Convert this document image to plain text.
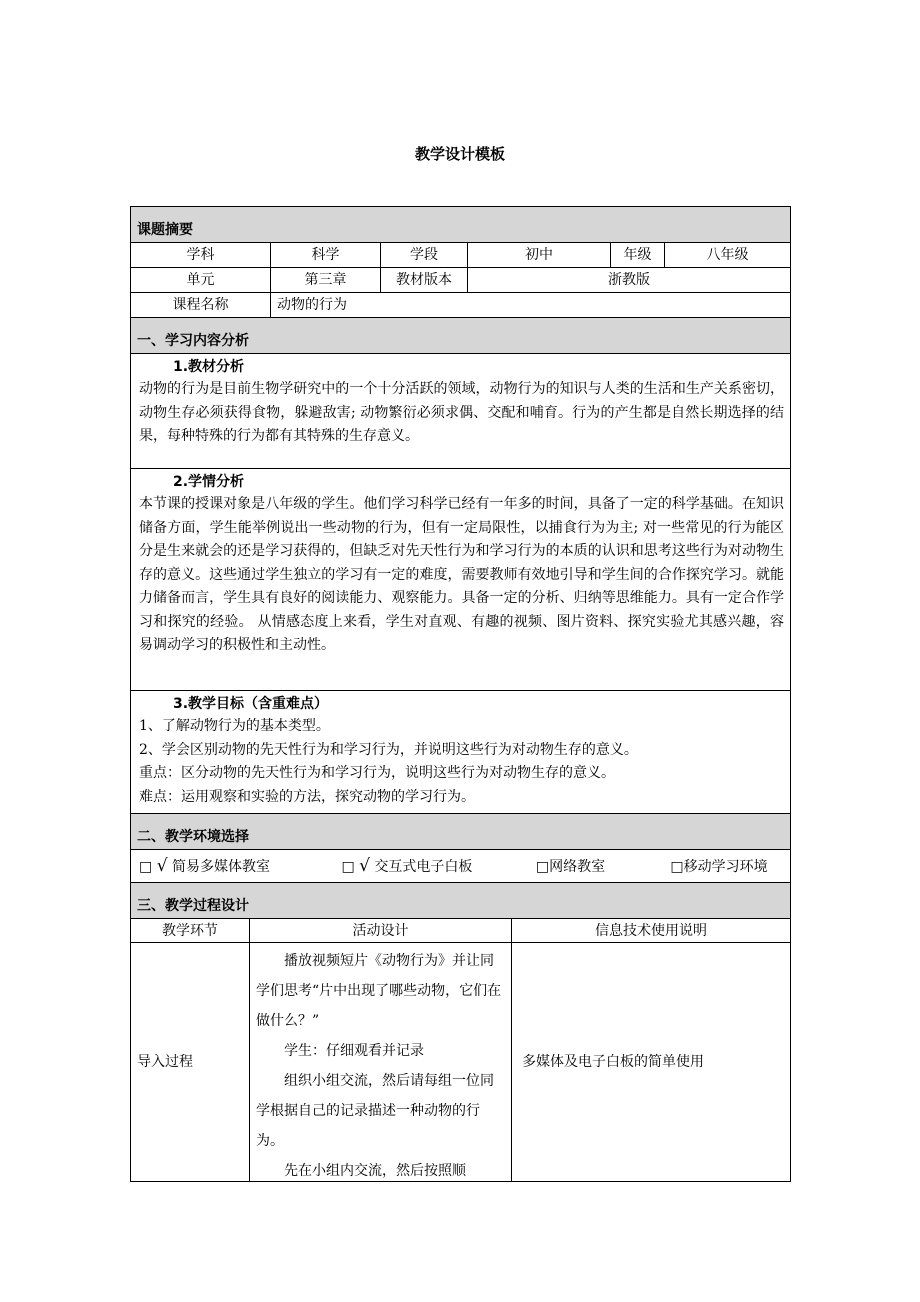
教学设计模板
课题摘要					
学科	科学	学段	初中	年级	八年级
单元	第三章	教材版本	浙教版		
课程名称	动物的行为				
一、学习内容分析					

1.教材分析
动物的行为是目前生物学研究中的一个十分活跃的领域，动物行为的知识与人类的生活和生产关系密切，动物生存必须获得食物，躲避敌害; 动物繁衍必须求偶、交配和哺育。行为的产生都是自然长期选择的结果，每种特殊的行为都有其特殊的生存意义。					

2.学情分析
本节课的授课对象是八年级的学生。他们学习科学已经有一年多的时间，具备了一定的科学基础。在知识储备方面，学生能举例说出一些动物的行为，但有一定局限性，以捕食行为为主; 对一些常见的行为能区分是生来就会的还是学习获得的，但缺乏对先天性行为和学习行为的本质的认识和思考这些行为对动物生存的意义。这些通过学生独立的学习有一定的难度，需要教师有效地引导和学生间的合作探究学习。就能力储备而言，学生具有良好的阅读能力、观察能力。具备一定的分析、归纳等思维能力。具有一定合作学习和探究的经验。 从情感态度上来看，学生对直观、有趣的视频、图片资料、探究实验尤其感兴趣，容易调动学习的积极性和主动性。					

3.教学目标（含重难点）
1、了解动物行为的基本类型。
2、学会区别动物的先天性行为和学习行为，并说明这些行为对动物生存的意义。
重点：区分动物的先天性行为和学习行为，说明这些行为对动物生存的意义。
难点：运用观察和实验的方法，探究动物的学习行为。					

二、教学环境选择					
□ √ 简易多媒体教室 □ √ 交互式电子白板 □网络教室 □移动学习环境					
三、教学过程设计					
教学环节	活动设计	信息技术使用说明
导入过程	播放视频短片《动物行为》并让同学们思考“片中出现了哪些动物，它们在做什么？”

学生：仔细观看并记录

组织小组交流，然后请每组一位同学根据自己的记录描述一种动物的行为。

先在小组内交流，然后按照顺	多媒体及电子白板的简单使用
